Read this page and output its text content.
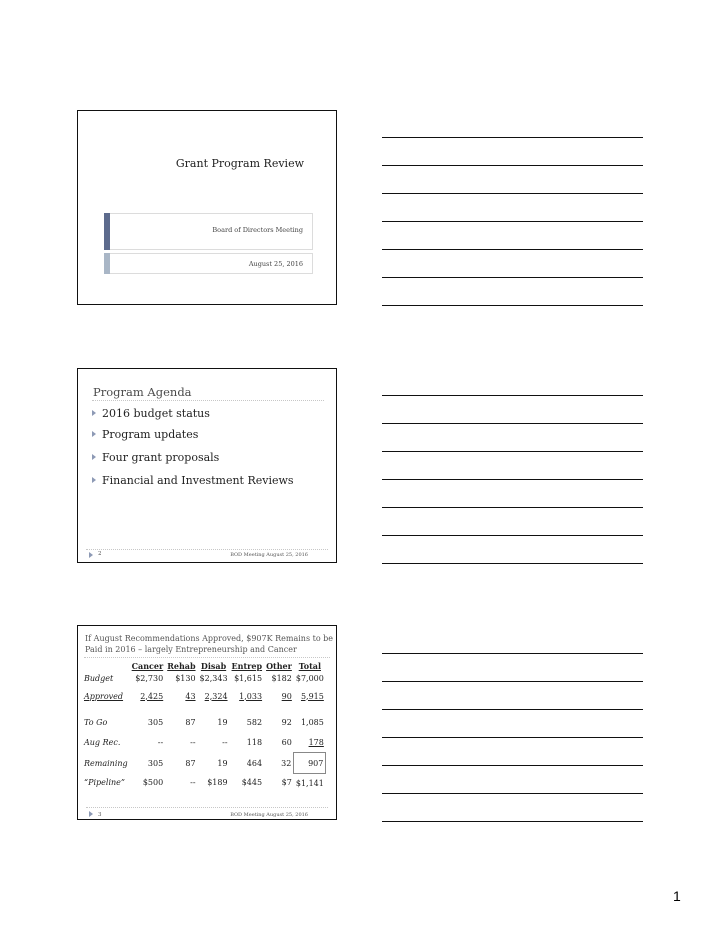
Grant Program Review
Board of Directors Meeting
August 25, 2016
Program Agenda
2016 budget status
Program updates
Four grant proposals
Financial and Investment Reviews
2	BOD Meeting August 25, 2016
If August Recommendations Approved, $907K Remains to be Paid in 2016 – largely Entrepreneurship and Cancer
	Cancer	Rehab	Disab	Entrep	Other	Total
Budget	$2,730	$130	$2,343	$1,615	$182	$7,000
Approved	2,425	43	2,324	1,033	90	5,915
To Go	305	87	19	582	92	1,085
Aug Rec.	--	--	--	118	60	178
Remaining	305	87	19	464	32	907
“Pipeline”	$500	--	$189	$445	$7	$1,141
3	BOD Meeting August 25, 2016
1
